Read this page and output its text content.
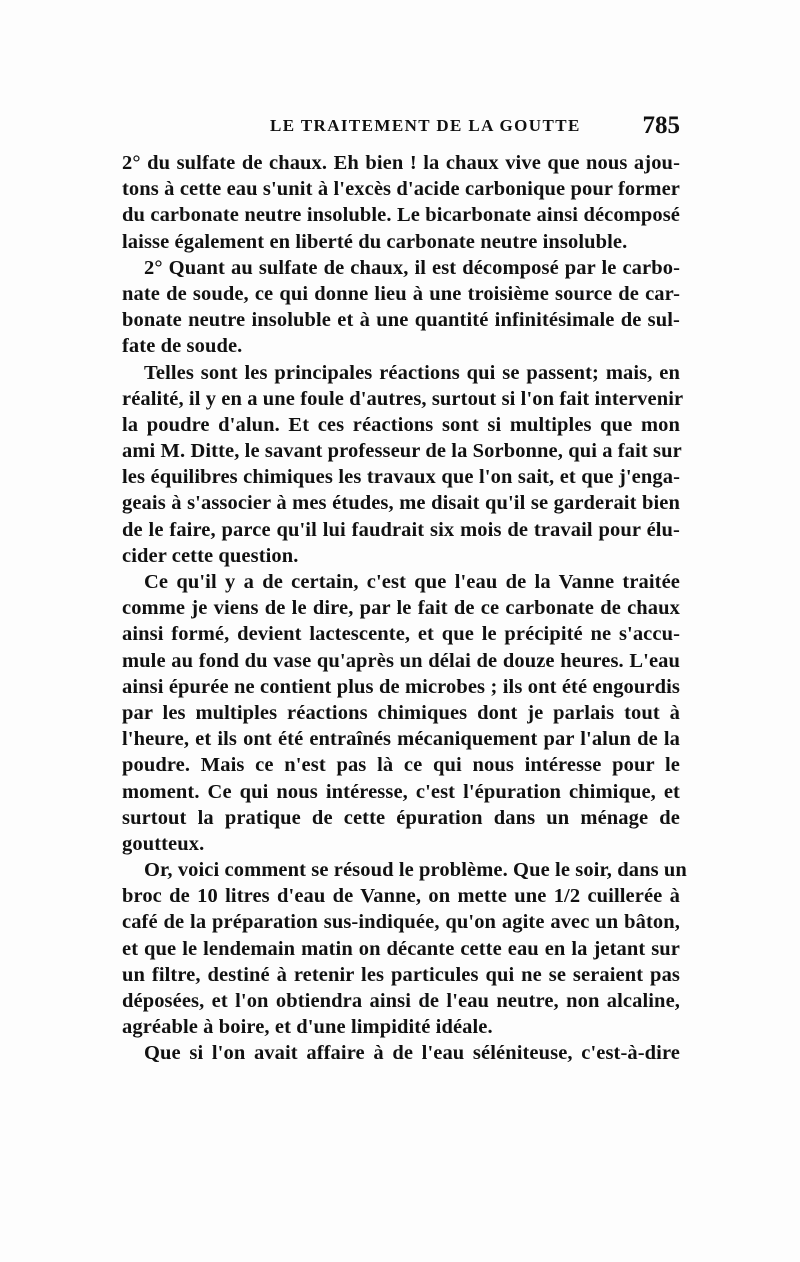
LE TRAITEMENT DE LA GOUTTE 785
2° du sulfate de chaux. Eh bien ! la chaux vive que nous ajou-
tons à cette eau s'unit à l'excès d'acide carbonique pour former
du carbonate neutre insoluble. Le bicarbonate ainsi décomposé
laisse également en liberté du carbonate neutre insoluble.
2° Quant au sulfate de chaux, il est décomposé par le carbo-
nate de soude, ce qui donne lieu à une troisième source de car-
bonate neutre insoluble et à une quantité infinitésimale de sul-
fate de soude.
Telles sont les principales réactions qui se passent; mais, en
réalité, il y en a une foule d'autres, surtout si l'on fait intervenir
la poudre d'alun. Et ces réactions sont si multiples que mon
ami M. Ditte, le savant professeur de la Sorbonne, qui a fait sur
les équilibres chimiques les travaux que l'on sait, et que j'enga-
geais à s'associer à mes études, me disait qu'il se garderait bien
de le faire, parce qu'il lui faudrait six mois de travail pour élu-
cider cette question.
Ce qu'il y a de certain, c'est que l'eau de la Vanne traitée
comme je viens de le dire, par le fait de ce carbonate de chaux
ainsi formé, devient lactescente, et que le précipité ne s'accu-
mule au fond du vase qu'après un délai de douze heures. L'eau
ainsi épurée ne contient plus de microbes ; ils ont été engourdis
par les multiples réactions chimiques dont je parlais tout à
l'heure, et ils ont été entraînés mécaniquement par l'alun de la
poudre. Mais ce n'est pas là ce qui nous intéresse pour le
moment. Ce qui nous intéresse, c'est l'épuration chimique, et
surtout la pratique de cette épuration dans un ménage de
goutteux.
Or, voici comment se résoud le problème. Que le soir, dans un
broc de 10 litres d'eau de Vanne, on mette une 1/2 cuillerée à
café de la préparation sus-indiquée, qu'on agite avec un bâton,
et que le lendemain matin on décante cette eau en la jetant sur
un filtre, destiné à retenir les particules qui ne se seraient pas
déposées, et l'on obtiendra ainsi de l'eau neutre, non alcaline,
agréable à boire, et d'une limpidité idéale.
Que si l'on avait affaire à de l'eau séléniteuse, c'est-à-dire
